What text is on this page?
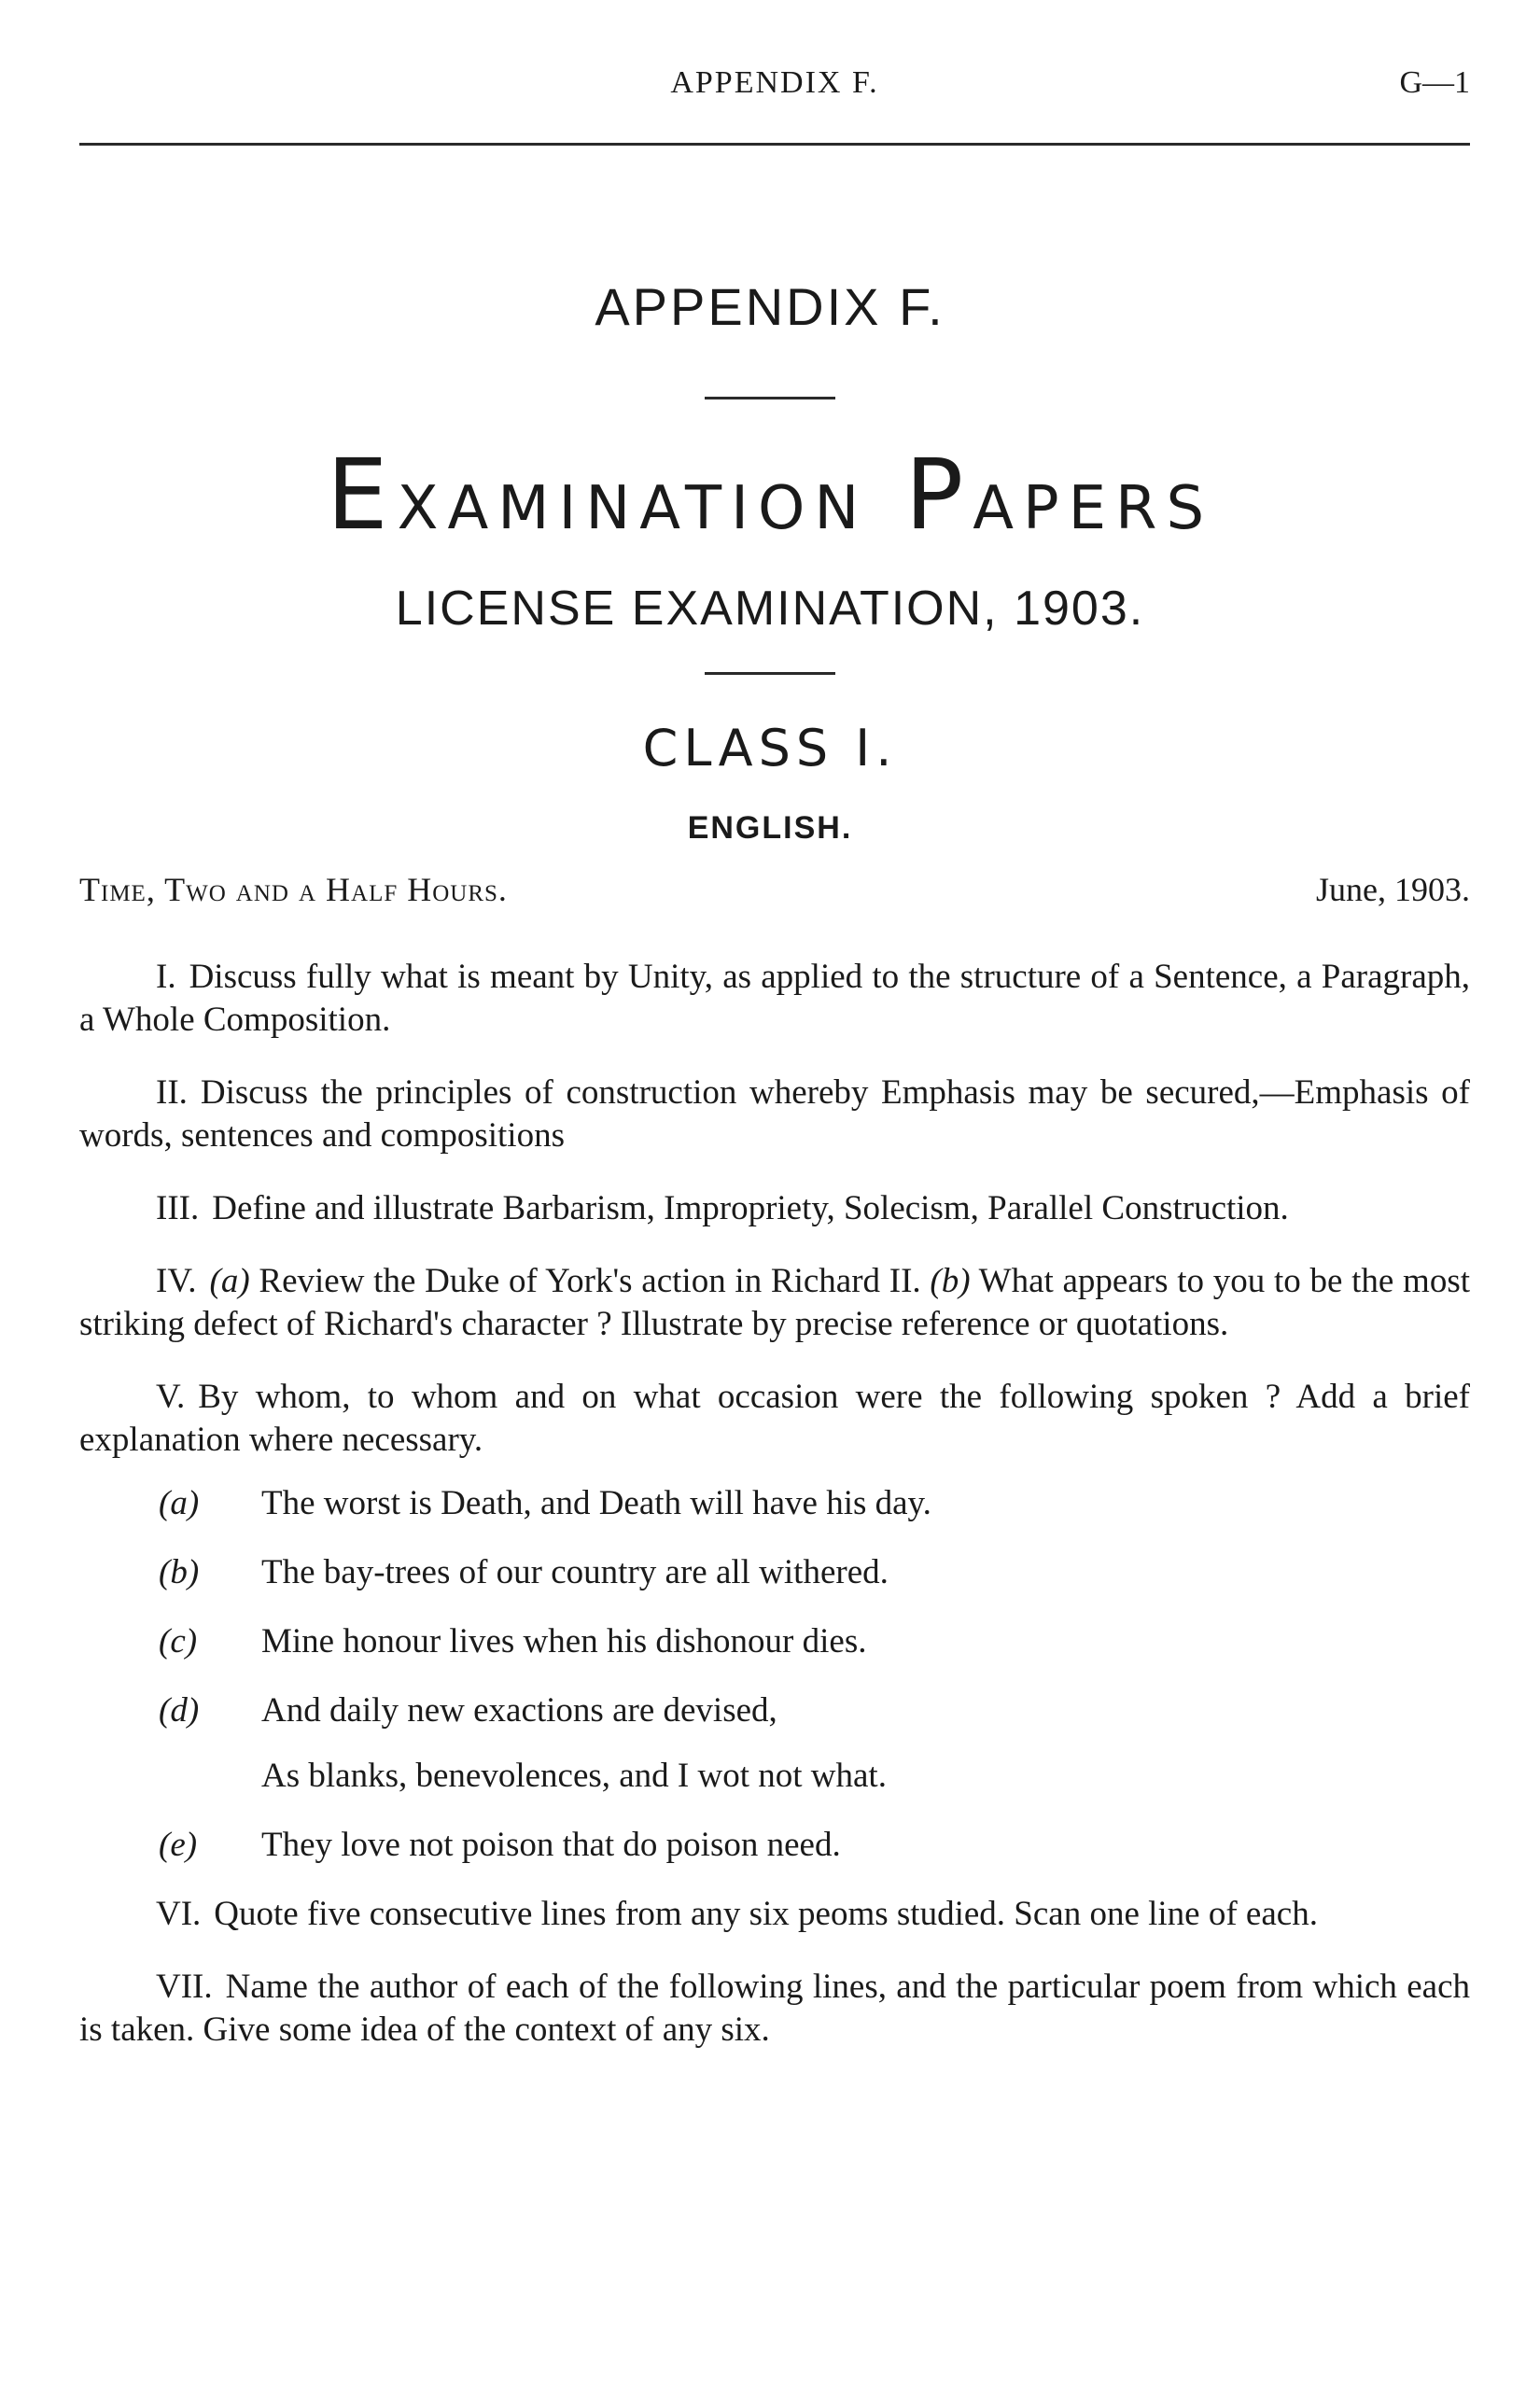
APPENDIX F.	G—1
APPENDIX F.
Examination Papers
LICENSE EXAMINATION, 1903.
CLASS I.
ENGLISH.
Time, Two and a Half Hours.	June, 1903.
I. Discuss fully what is meant by Unity, as applied to the structure of a Sentence, a Paragraph, a Whole Composition.
II. Discuss the principles of construction whereby Emphasis may be secured,—Emphasis of words, sentences and compositions
III. Define and illustrate Barbarism, Impropriety, Solecism, Parallel Construction.
IV. (a) Review the Duke of York's action in Richard II. (b) What appears to you to be the most striking defect of Richard's character ? Illustrate by precise reference or quotations.
V. By whom, to whom and on what occasion were the following spoken ? Add a brief explanation where necessary.
(a) The worst is Death, and Death will have his day.
(b) The bay-trees of our country are all withered.
(c) Mine honour lives when his dishonour dies.
(d) And daily new exactions are devised,
As blanks, benevolences, and I wot not what.
(e) They love not poison that do poison need.
VI. Quote five consecutive lines from any six peoms studied. Scan one line of each.
VII. Name the author of each of the following lines, and the particular poem from which each is taken. Give some idea of the context of any six.
